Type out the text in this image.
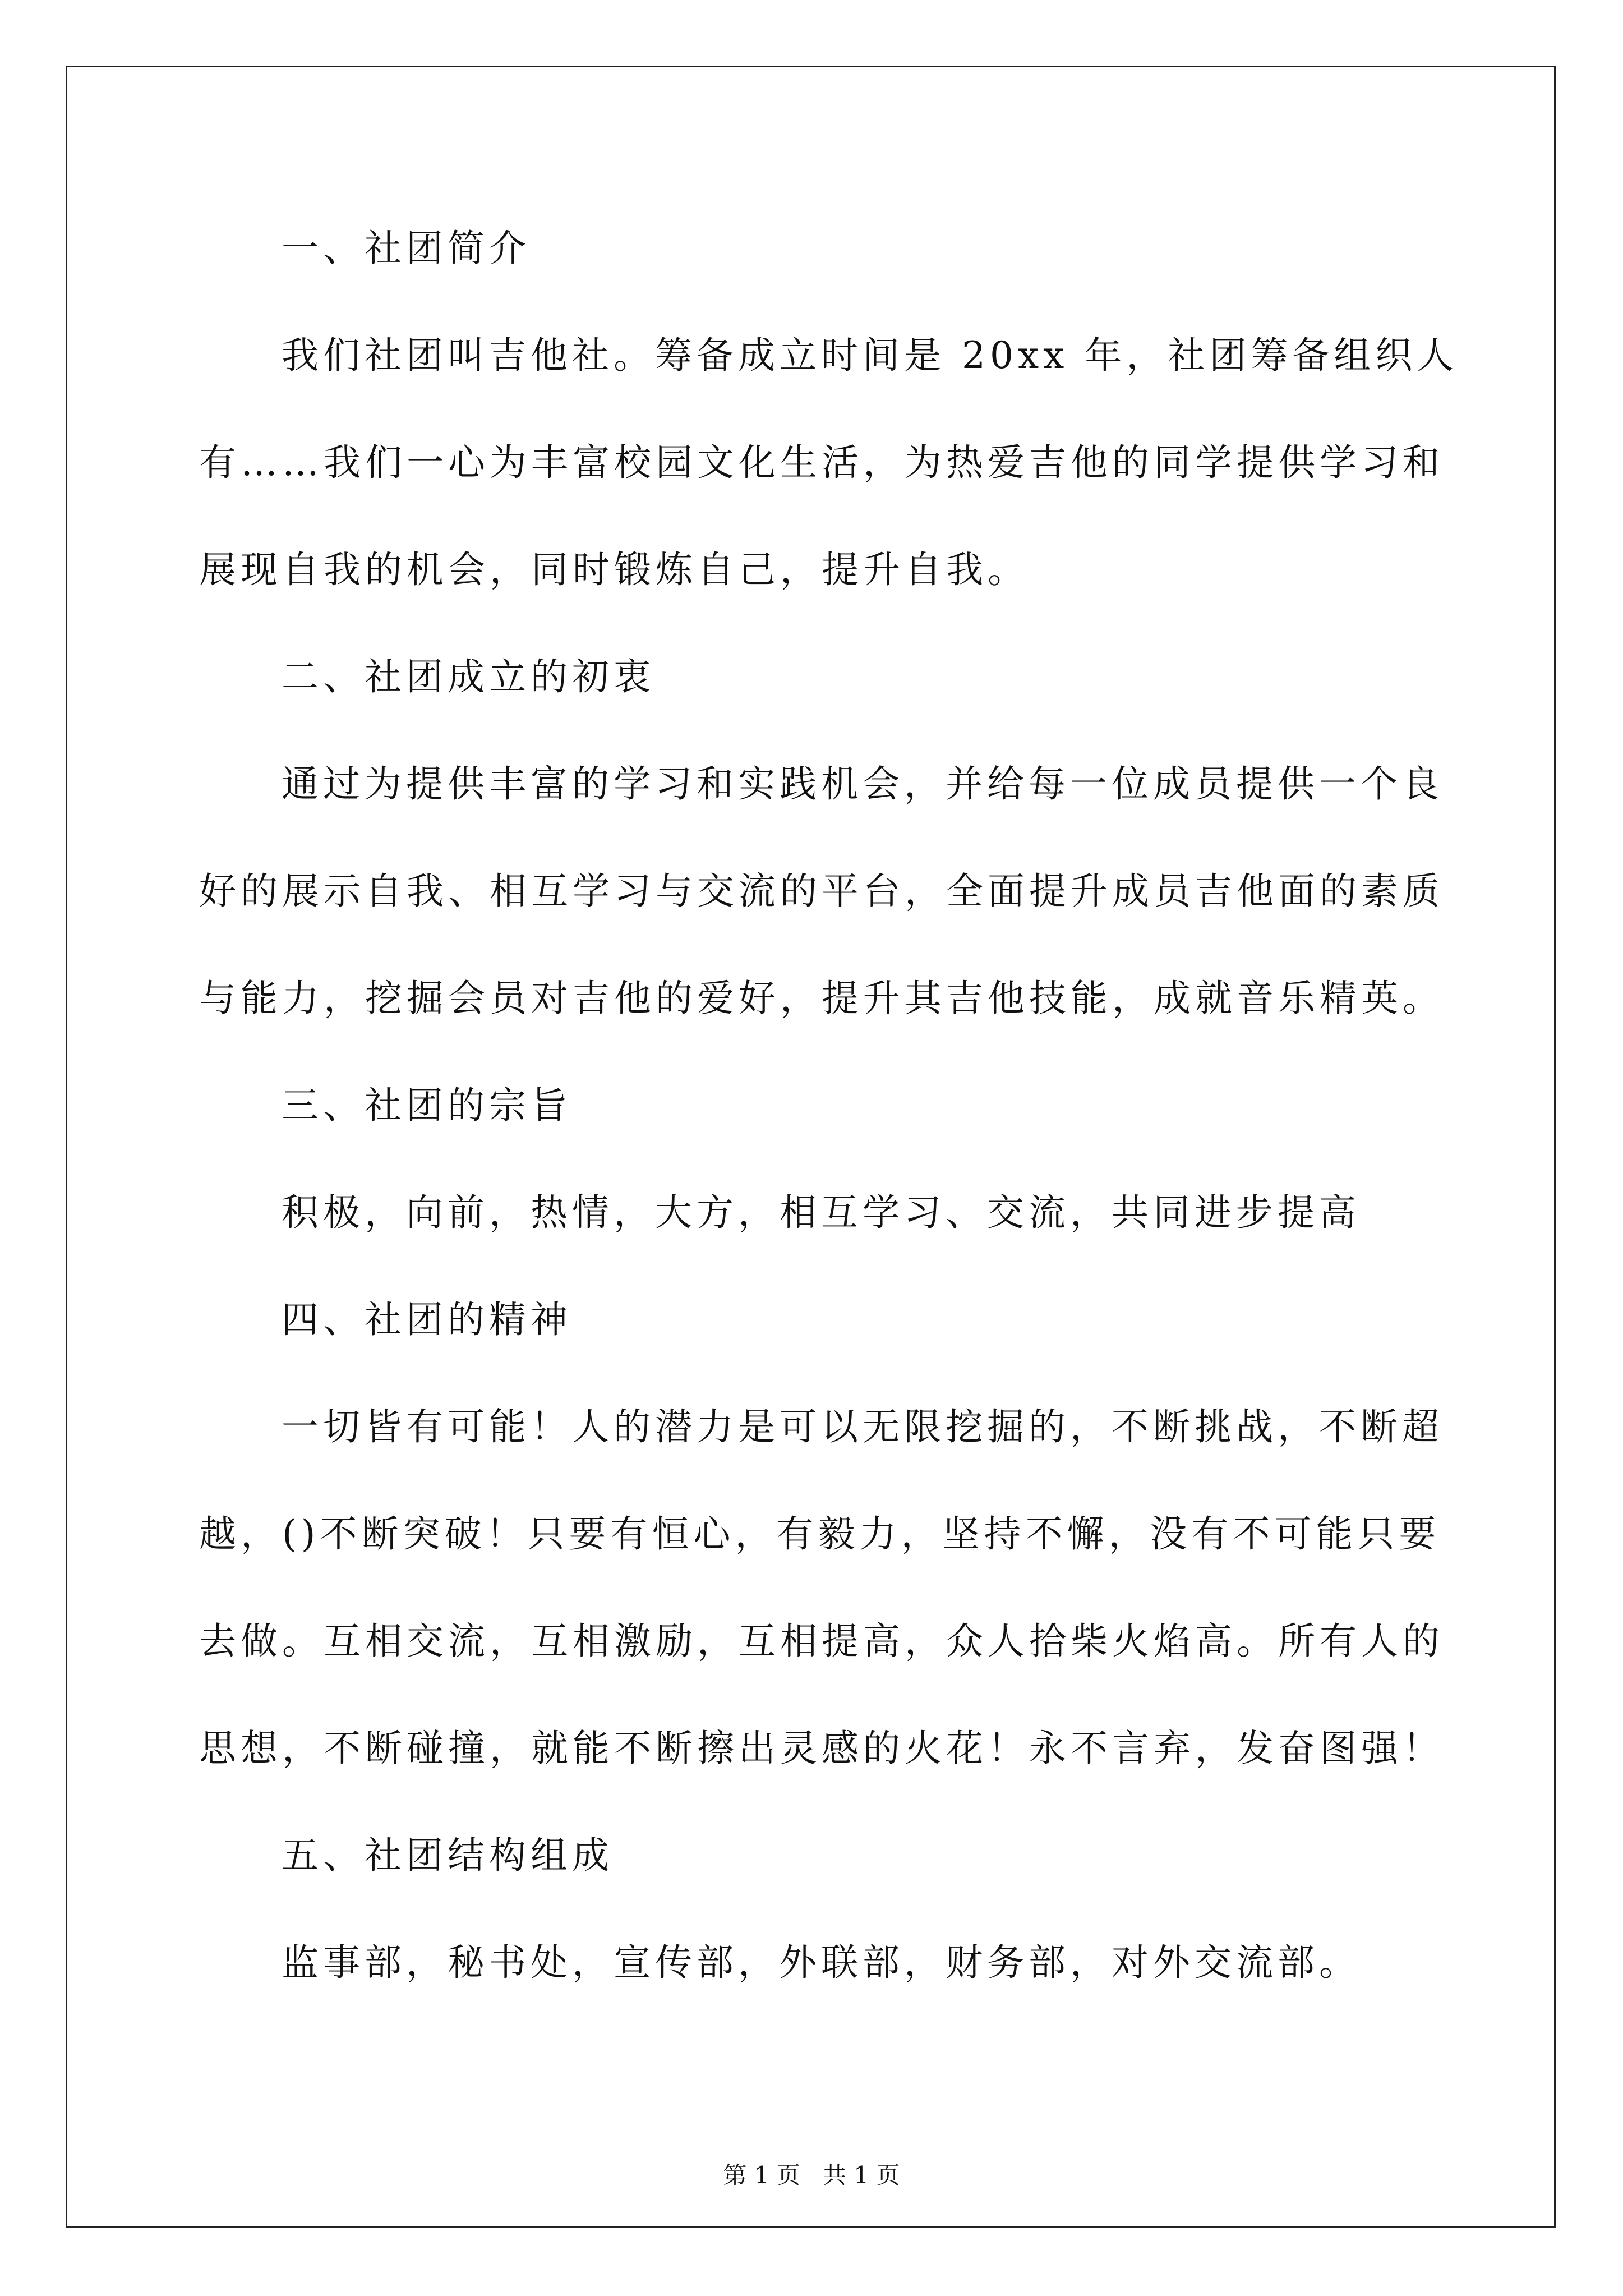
一、社团简介
我们社团叫吉他社。筹备成立时间是 20xx 年，社团筹备组织人
有……我们一心为丰富校园文化生活，为热爱吉他的同学提供学习和
展现自我的机会，同时锻炼自己，提升自我。
二、社团成立的初衷
通过为提供丰富的学习和实践机会，并给每一位成员提供一个良
好的展示自我、相互学习与交流的平台，全面提升成员吉他面的素质
与能力，挖掘会员对吉他的爱好，提升其吉他技能，成就音乐精英。
三、社团的宗旨
积极，向前，热情，大方，相互学习、交流，共同进步提高
四、社团的精神
一切皆有可能！人的潜力是可以无限挖掘的，不断挑战，不断超
越，()不断突破！只要有恒心，有毅力，坚持不懈，没有不可能只要
去做。互相交流，互相激励，互相提高，众人拾柴火焰高。所有人的
思想，不断碰撞，就能不断擦出灵感的火花！永不言弃，发奋图强！
五、社团结构组成
监事部，秘书处，宣传部，外联部，财务部，对外交流部。
第 1 页   共 1 页
